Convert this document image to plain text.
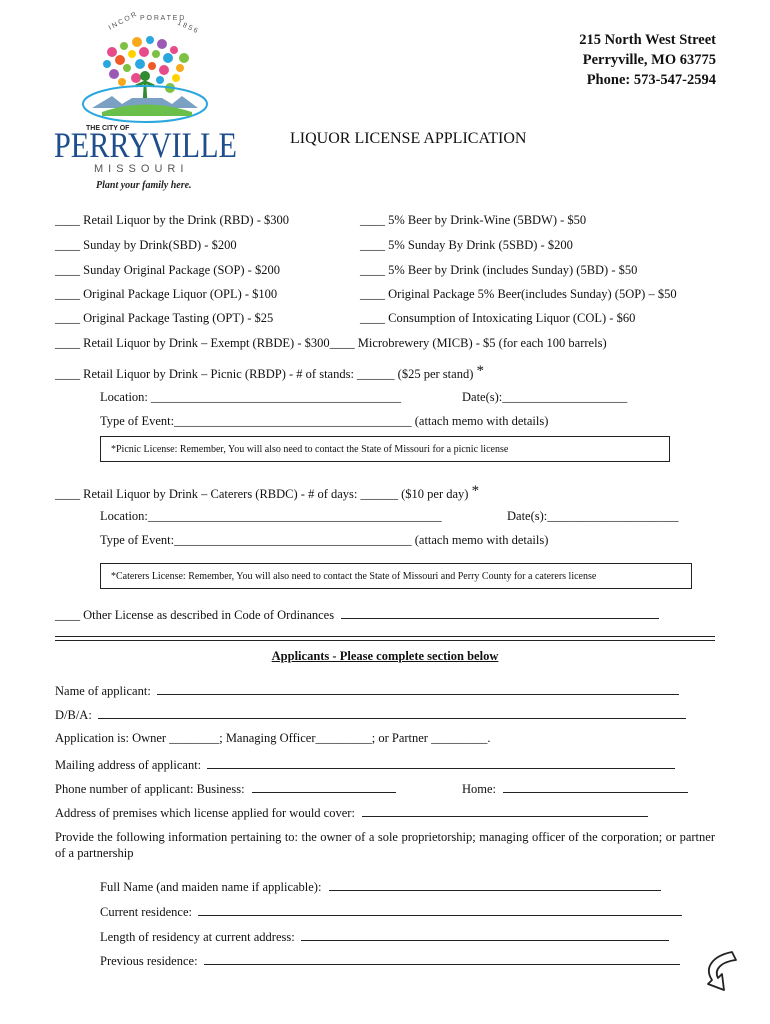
I N C O R P O R A T E D
1 8 5 6
THE CITY OF
PERRYVILLE
MISSOURI
Plant your family here.
215 North West Street
Perryville, MO 63775
Phone: 573-547-2594
LIQUOR LICENSE APPLICATION
____ Retail Liquor by the Drink (RBD) - $300
____ Sunday by Drink(SBD) - $200
____ Sunday Original Package (SOP) - $200
____ Original Package Liquor (OPL) - $100
____ Original Package Tasting (OPT) - $25
____ 5% Beer by Drink-Wine (5BDW) - $50
____ 5% Sunday By Drink (5SBD) - $200
____ 5% Beer by Drink (includes Sunday) (5BD) - $50
____ Original Package 5% Beer(includes Sunday) (5OP) – $50
____ Consumption of Intoxicating Liquor (COL) - $60
____ Retail Liquor by Drink – Exempt (RBDE) - $300____ Microbrewery (MICB) - $5 (for each 100 barrels)
____ Retail Liquor by Drink – Picnic (RBDP) - # of stands: ______ ($25 per stand) *
Location: ________________________________________	Date(s):____________________
Type of Event:______________________________________ (attach memo with details)
*Picnic License: Remember, You will also need to contact the State of Missouri for a picnic license
____ Retail Liquor by Drink – Caterers (RBDC) - # of days: ______ ($10 per day) *
Location:_______________________________________________	Date(s):_____________________
Type of Event:______________________________________ (attach memo with details)
*Caterers License: Remember, You will also need to contact the State of Missouri and Perry County for a caterers license
____ Other License as described in Code of Ordinances
Applicants - Please complete section below
Name of applicant:
D/B/A:
Application is: Owner ________; Managing Officer_________; or Partner _________.
Mailing address of applicant:
Phone number of applicant: Business:	Home:
Address of premises which license applied for would cover:
Provide the following information pertaining to: the owner of a sole proprietorship; managing officer of the corporation; or partner of a partnership
Full Name (and maiden name if applicable):
Current residence:
Length of residency at current address:
Previous residence:
